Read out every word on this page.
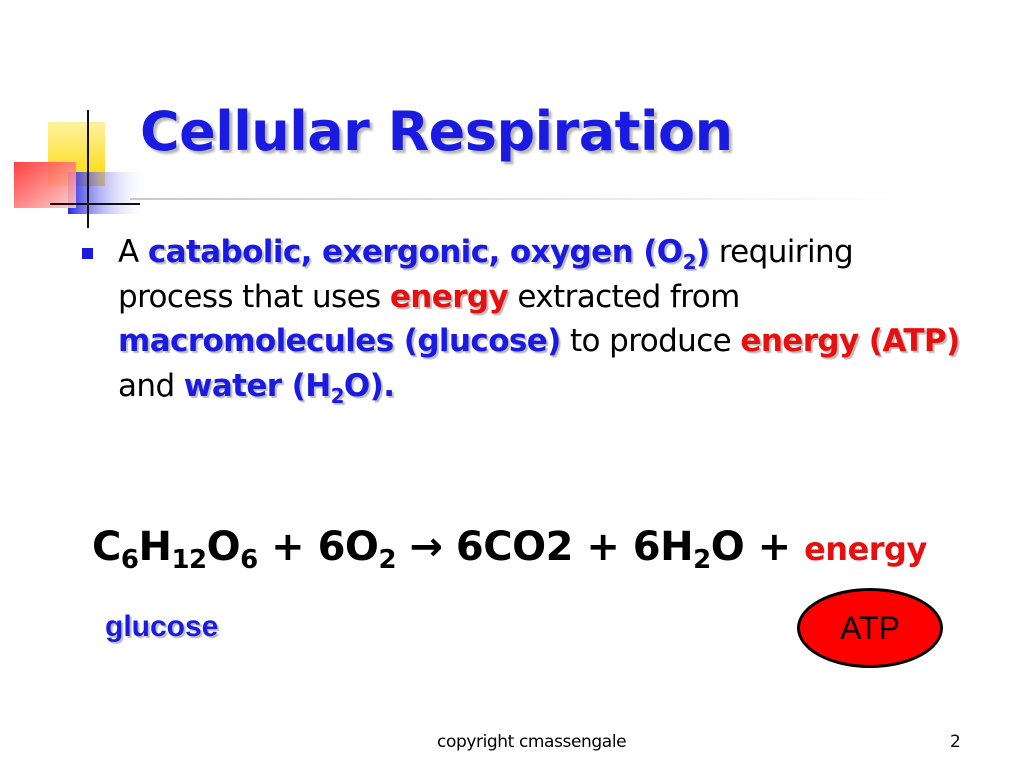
Cellular Respiration

A catabolic, exergonic, oxygen $(O_2)$ requiring process that uses energy extracted from macromolecules (glucose) to produce energy (ATP) and water $(H_2O)$.

$C_6H_{12}O_6 + 6O_2 \to 6CO2 + 6H_2O$ + energy
glucose	ATP
copyright cmassengale	2
